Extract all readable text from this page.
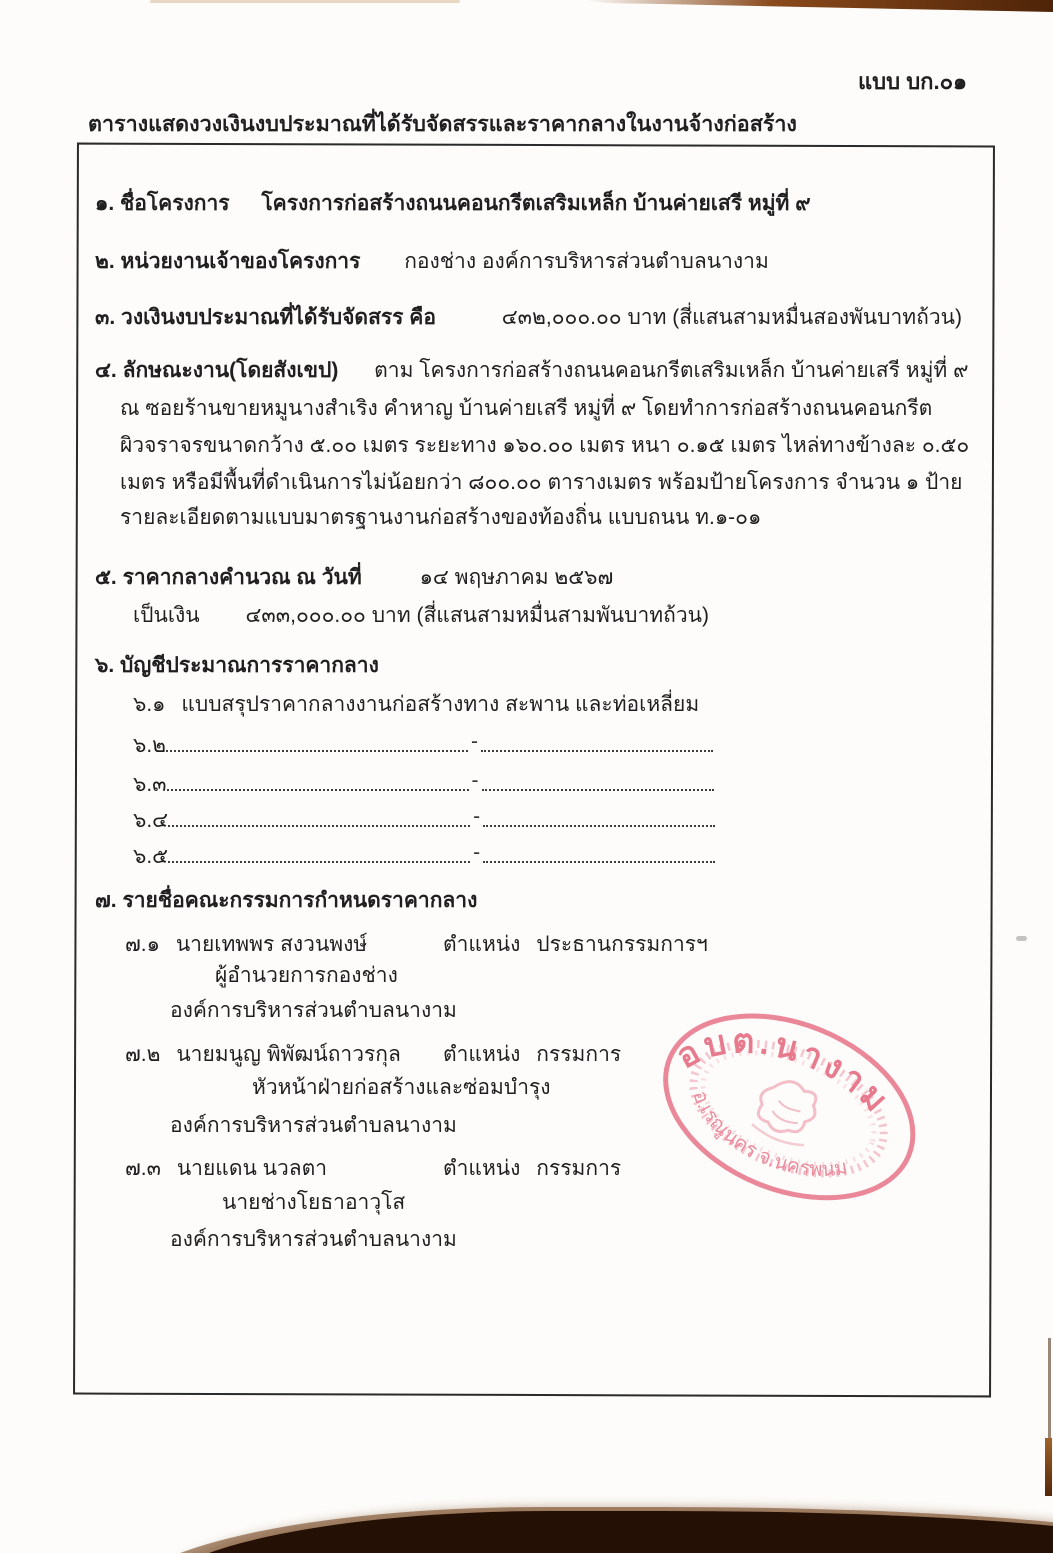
แบบ บก.๐๑
ตารางแสดงวงเงินงบประมาณที่ได้รับจัดสรรและราคากลางในงานจ้างก่อสร้าง
๑. ชื่อโครงการ โครงการก่อสร้างถนนคอนกรีตเสริมเหล็ก บ้านค่ายเสรี หมู่ที่ ๙
๒. หน่วยงานเจ้าของโครงการ กองช่าง องค์การบริหารส่วนตำบลนางาม
๓. วงเงินงบประมาณที่ได้รับจัดสรร คือ	๔๓๒,๐๐๐.๐๐ บาท (สี่แสนสามหมื่นสองพันบาทถ้วน)
๔. ลักษณะงาน(โดยสังเขป) ตาม โครงการก่อสร้างถนนคอนกรีตเสริมเหล็ก บ้านค่ายเสรี หมู่ที่ ๙
ณ ซอยร้านขายหมูนางสำเริง คำหาญ บ้านค่ายเสรี หมู่ที่ ๙ โดยทำการก่อสร้างถนนคอนกรีต
ผิวจราจรขนาดกว้าง ๕.๐๐ เมตร ระยะทาง ๑๖๐.๐๐ เมตร หนา ๐.๑๕ เมตร ไหล่ทางข้างละ ๐.๕๐
เมตร หรือมีพื้นที่ดำเนินการไม่น้อยกว่า ๘๐๐.๐๐ ตารางเมตร พร้อมป้ายโครงการ จำนวน ๑ ป้าย
รายละเอียดตามแบบมาตรฐานงานก่อสร้างของท้องถิ่น แบบถนน ท.๑-๐๑
๕. ราคากลางคำนวณ ณ วันที่	๑๔ พฤษภาคม ๒๕๖๗
เป็นเงิน ๔๓๓,๐๐๐.๐๐ บาท (สี่แสนสามหมื่นสามพันบาทถ้วน)
๖. บัญชีประมาณการราคากลาง
๖.๑ แบบสรุปราคากลางงานก่อสร้างทาง สะพาน และท่อเหลี่ยม
๖.๒	-
๖.๓	-
๖.๔	-
๖.๕	-
๗. รายชื่อคณะกรรมการกำหนดราคากลาง
๗.๑ นายเทพพร สงวนพงษ์	ตำแหน่ง ประธานกรรมการฯ
ผู้อำนวยการกองช่าง
องค์การบริหารส่วนตำบลนางาม
๗.๒ นายมนูญ พิพัฒน์ถาวรกุล ตำแหน่ง กรรมการ
หัวหน้าฝ่ายก่อสร้างและซ่อมบำรุง
องค์การบริหารส่วนตำบลนางาม
๗.๓ นายแดน นวลตา	ตำแหน่ง กรรมการ
นายช่างโยธาอาวุโส
องค์การบริหารส่วนตำบลนางาม
อบต.นางาม
อ.เรณูนคร จ.นครพนม
